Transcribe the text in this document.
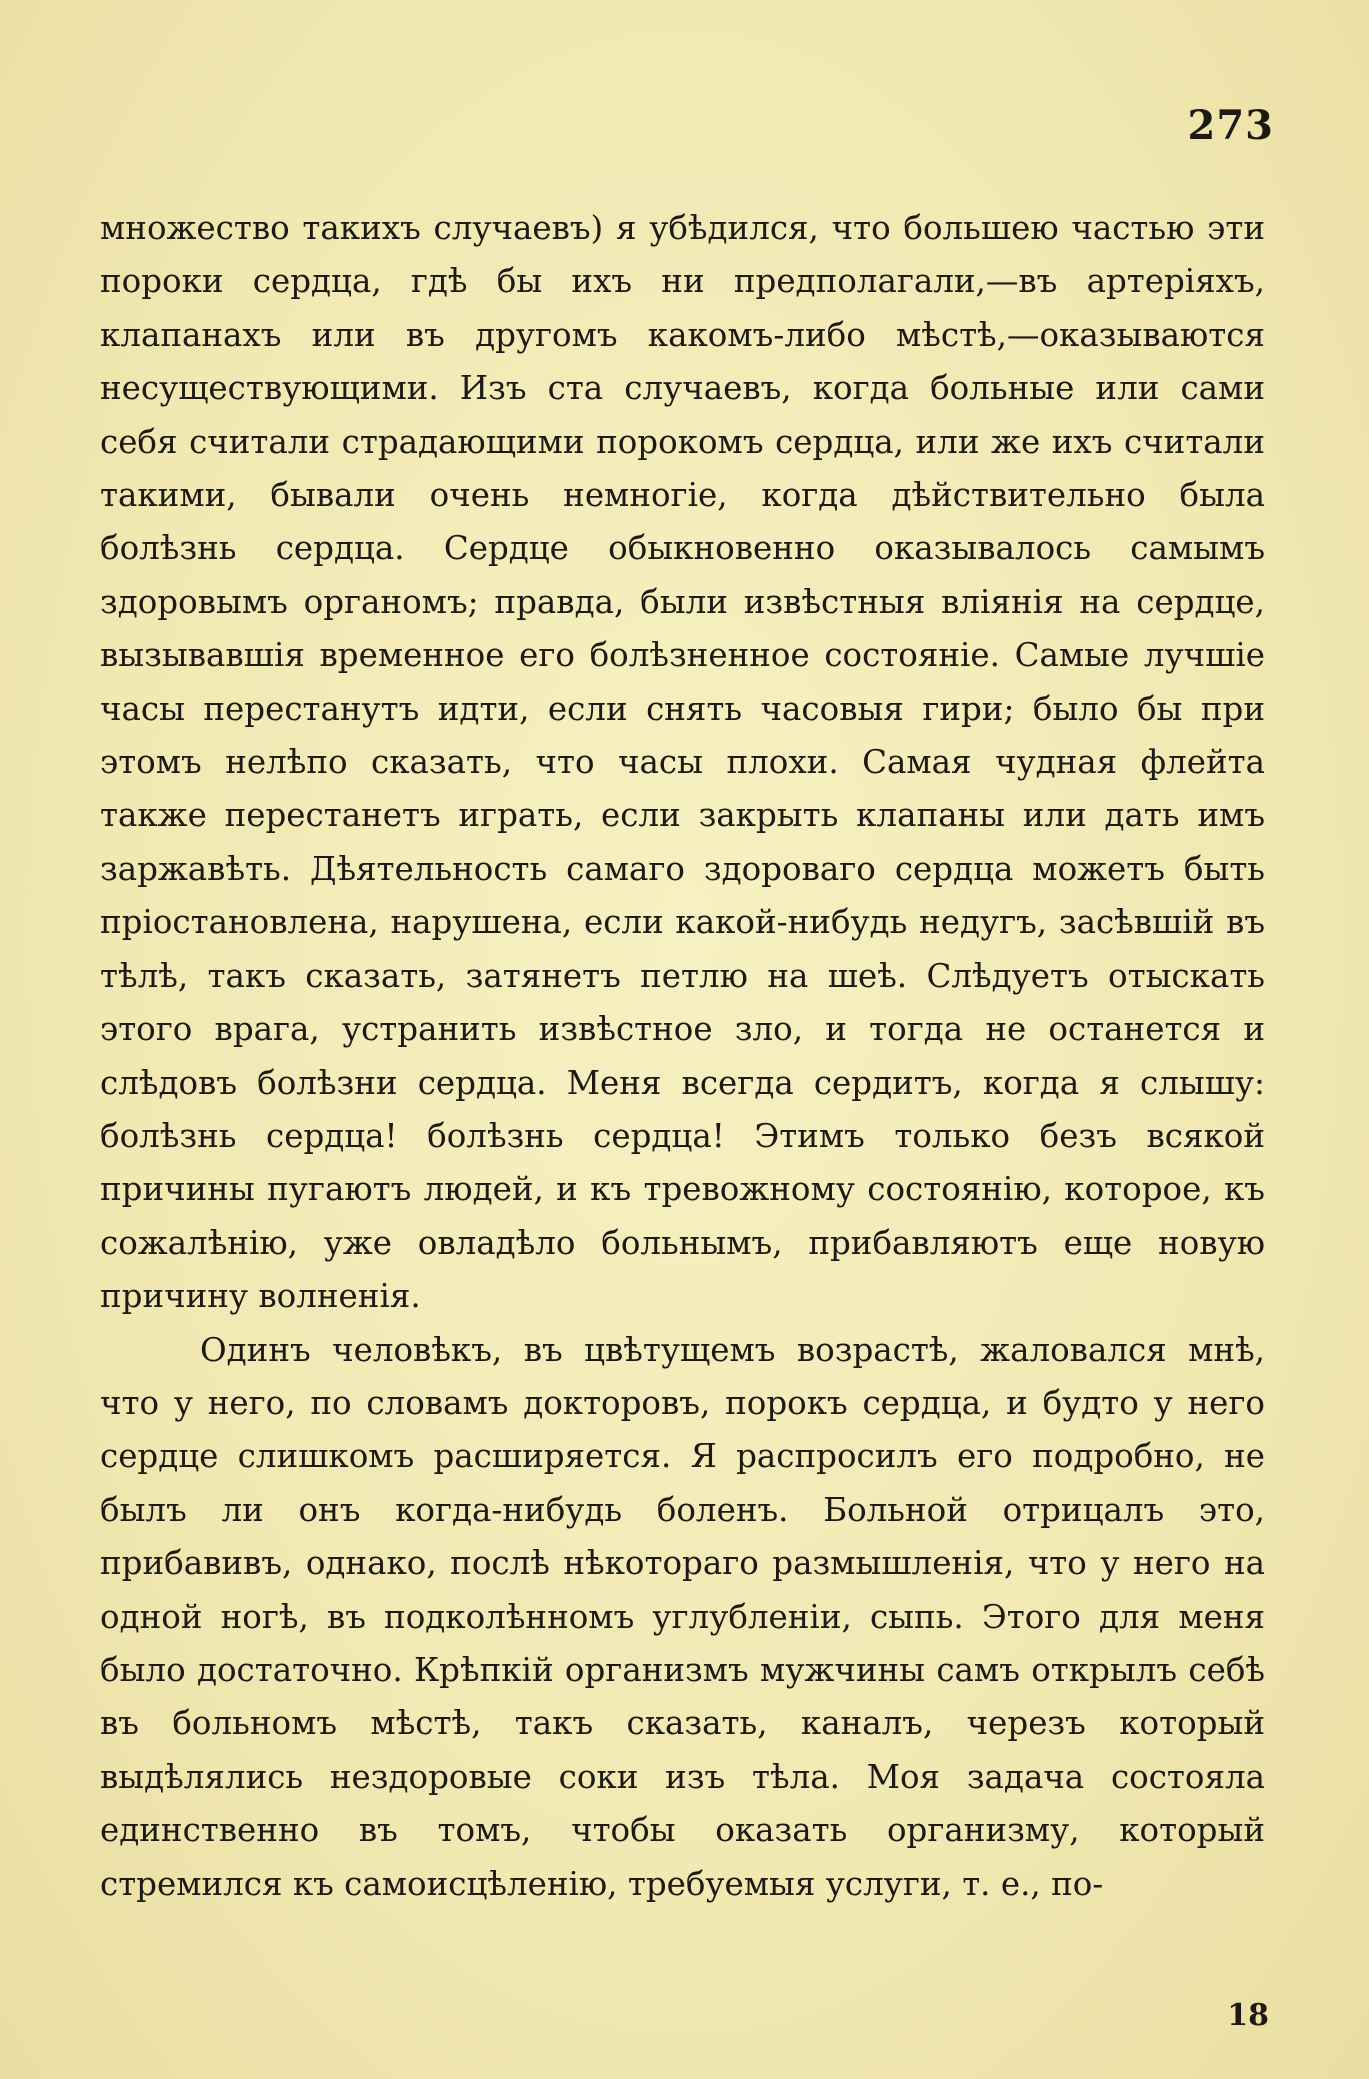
273

множество такихъ случаевъ) я убѣдился, что большею частью эти пороки сердца, гдѣ бы ихъ ни предполагали,—въ артеріяхъ, клапанахъ или въ другомъ какомъ-либо мѣстѣ,—оказываются несуществующими. Изъ ста случаевъ, когда больные или сами себя считали страдающими порокомъ сердца, или же ихъ считали такими, бывали очень немногіе, когда дѣйствительно была болѣзнь сердца. Сердце обыкновенно оказывалось самымъ здоровымъ органомъ; правда, были извѣстныя вліянія на сердце, вызывавшія временное его болѣзненное состояніе. Самые лучшіе часы перестанутъ идти, если снять часовыя гири; было бы при этомъ нелѣпо сказать, что часы плохи. Самая чудная флейта также перестанетъ играть, если закрыть клапаны или дать имъ заржавѣть. Дѣятельность самаго здороваго сердца можетъ быть пріостановлена, нарушена, если какой-нибудь недугъ, засѣвшій въ тѣлѣ, такъ сказать, затянетъ петлю на шеѣ. Слѣдуетъ отыскать этого врага, устранить извѣстное зло, и тогда не останется и слѣдовъ болѣзни сердца. Меня всегда сердитъ, когда я слышу: болѣзнь сердца! болѣзнь сердца! Этимъ только безъ всякой причины пугаютъ людей, и къ тревожному состоянію, которое, къ сожалѣнію, уже овладѣло больнымъ, прибавляютъ еще новую причину волненія.

Одинъ человѣкъ, въ цвѣтущемъ возрастѣ, жаловался мнѣ, что у него, по словамъ докторовъ, порокъ сердца, и будто у него сердце слишкомъ расширяется. Я распросилъ его подробно, не былъ ли онъ когда-нибудь боленъ. Больной отрицалъ это, прибавивъ, однако, послѣ нѣкотораго размышленія, что у него на одной ногѣ, въ подколѣнномъ углубленіи, сыпь. Этого для меня было достаточно. Крѣпкій организмъ мужчины самъ открылъ себѣ въ больномъ мѣстѣ, такъ сказать, каналъ, черезъ который выдѣлялись нездоровые соки изъ тѣла. Моя задача состояла единственно въ томъ, чтобы оказать организму, который стремился къ самоисцѣленію, требуемыя услуги, т. е., по-

18
